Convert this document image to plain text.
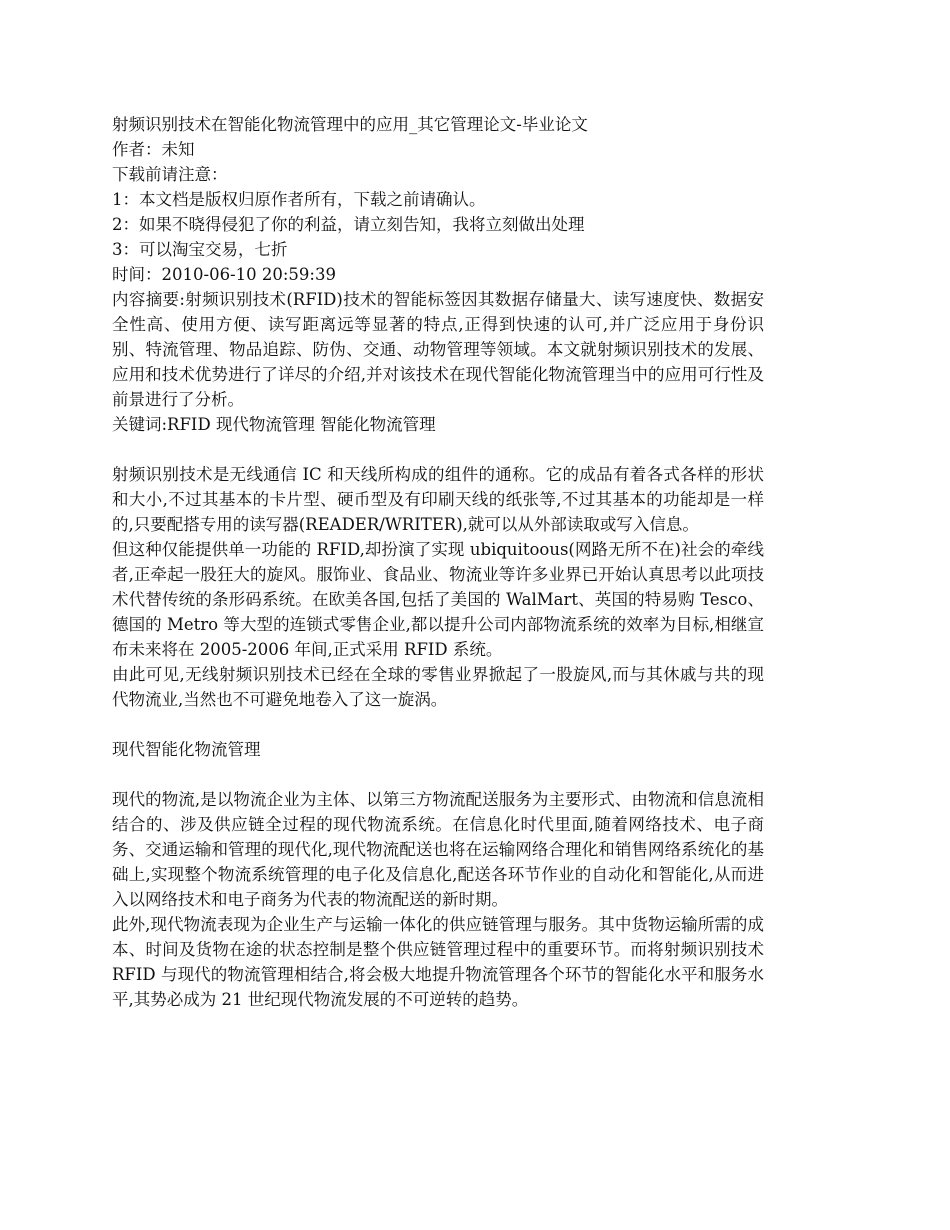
射频识别技术在智能化物流管理中的应用_其它管理论文-毕业论文
作者：未知
下载前请注意：
1：本文档是版权归原作者所有，下载之前请确认。
2：如果不晓得侵犯了你的利益，请立刻告知，我将立刻做出处理
3：可以淘宝交易，七折
时间：2010-06-10 20:59:39

内容摘要:射频识别技术(RFID)技术的智能标签因其数据存储量大、读写速度快、数据安全性高、使用方便、读写距离远等显著的特点,正得到快速的认可,并广泛应用于身份识别、特流管理、物品追踪、防伪、交通、动物管理等领域。本文就射频识别技术的发展、应用和技术优势进行了详尽的介绍,并对该技术在现代智能化物流管理当中的应用可行性及前景进行了分析。

关键词:RFID 现代物流管理 智能化物流管理

射频识别技术是无线通信 IC 和天线所构成的组件的通称。它的成品有着各式各样的形状和大小,不过其基本的卡片型、硬币型及有印刷天线的纸张等,不过其基本的功能却是一样的,只要配搭专用的读写器(READER/WRITER),就可以从外部读取或写入信息。

但这种仅能提供单一功能的 RFID,却扮演了实现 ubiquitoous(网路无所不在)社会的牵线者,正牵起一股狂大的旋风。服饰业、食品业、物流业等许多业界已开始认真思考以此项技术代替传统的条形码系统。在欧美各国,包括了美国的 WalMart、英国的特易购 Tesco、德国的 Metro 等大型的连锁式零售企业,都以提升公司内部物流系统的效率为目标,相继宣布未来将在 2005-2006 年间,正式采用 RFID 系统。

由此可见,无线射频识别技术已经在全球的零售业界掀起了一股旋风,而与其休戚与共的现代物流业,当然也不可避免地卷入了这一旋涡。

现代智能化物流管理

现代的物流,是以物流企业为主体、以第三方物流配送服务为主要形式、由物流和信息流相结合的、涉及供应链全过程的现代物流系统。在信息化时代里面,随着网络技术、电子商务、交通运输和管理的现代化,现代物流配送也将在运输网络合理化和销售网络系统化的基础上,实现整个物流系统管理的电子化及信息化,配送各环节作业的自动化和智能化,从而进入以网络技术和电子商务为代表的物流配送的新时期。

此外,现代物流表现为企业生产与运输一体化的供应链管理与服务。其中货物运输所需的成本、时间及货物在途的状态控制是整个供应链管理过程中的重要环节。而将射频识别技术 RFID 与现代的物流管理相结合,将会极大地提升物流管理各个环节的智能化水平和服务水平,其势必成为 21 世纪现代物流发展的不可逆转的趋势。
